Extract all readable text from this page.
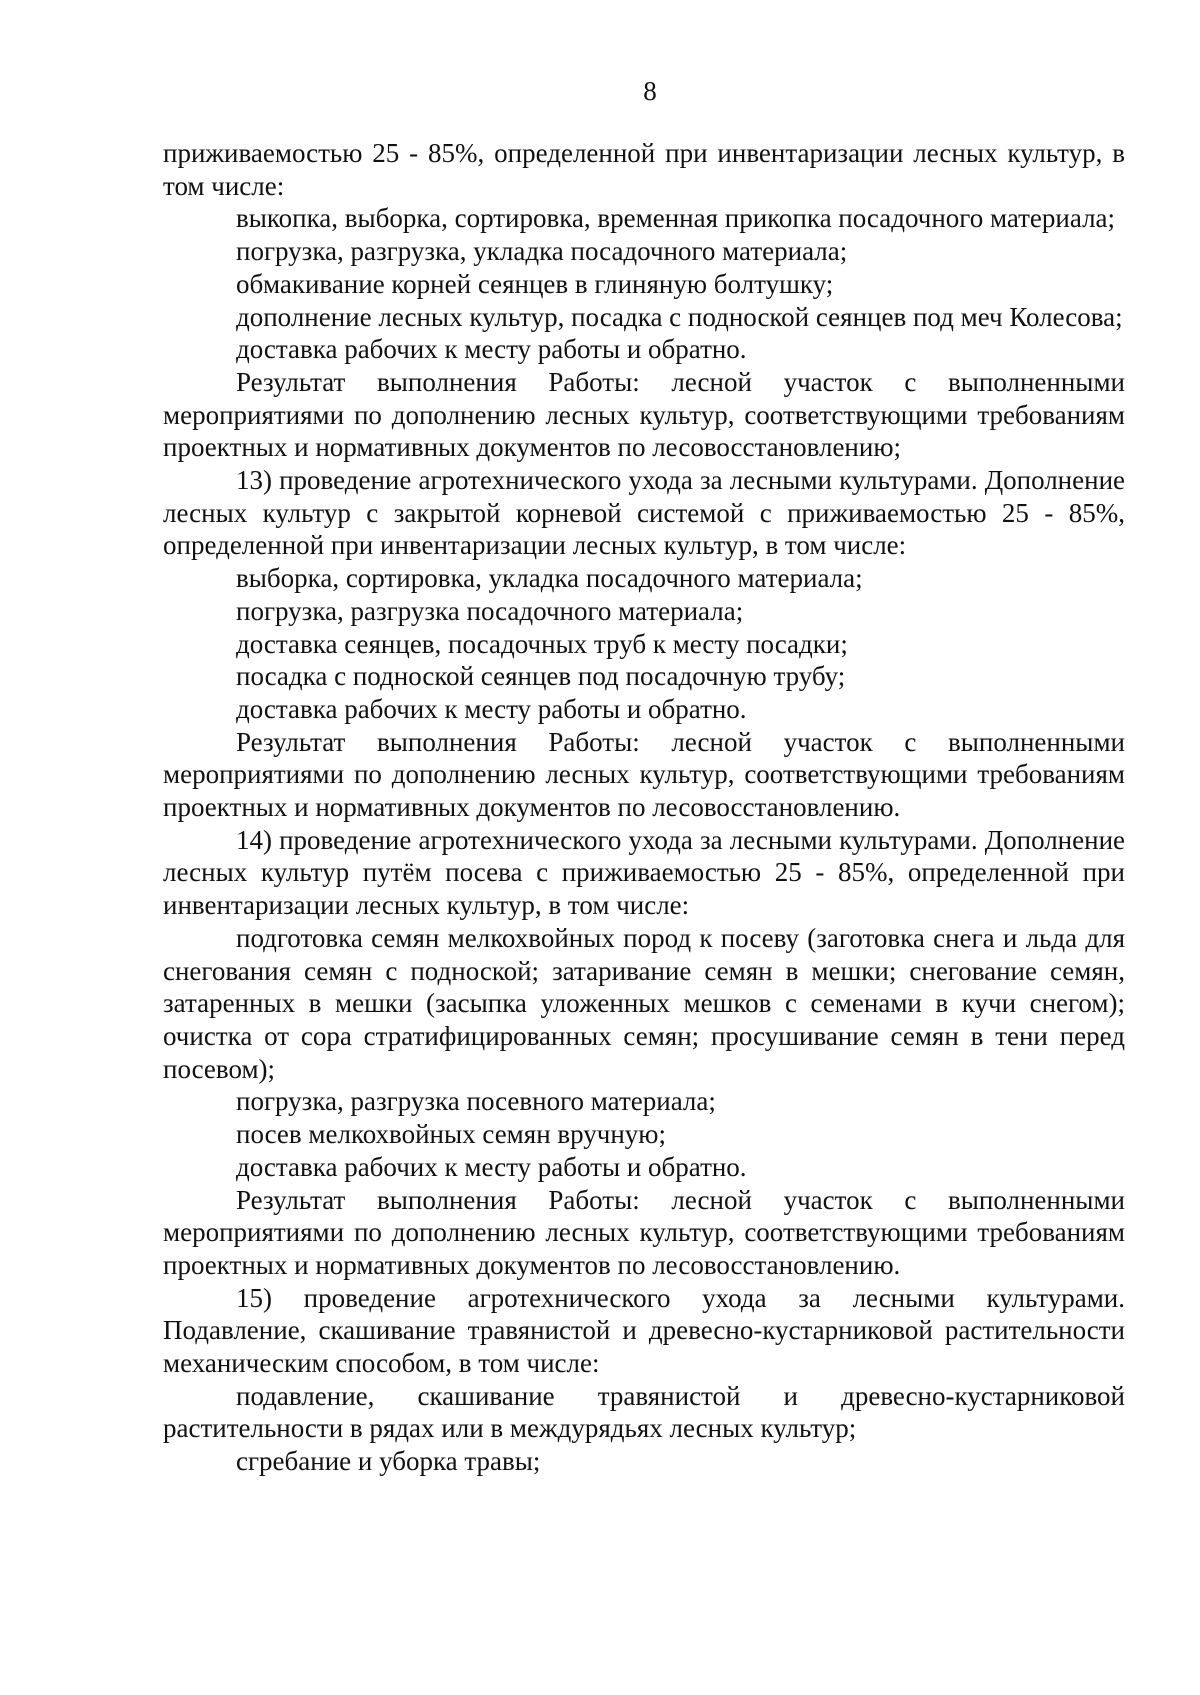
8

приживаемостью 25 - 85%, определенной при инвентаризации лесных культур, в том числе:

выкопка, выборка, сортировка, временная прикопка посадочного материала;

погрузка, разгрузка, укладка посадочного материала;

обмакивание корней сеянцев в глиняную болтушку;

дополнение лесных культур, посадка с подноской сеянцев под меч Колесова;

доставка рабочих к месту работы и обратно.

Результат выполнения Работы: лесной участок с выполненными мероприятиями по дополнению лесных культур, соответствующими требованиям проектных и нормативных документов по лесовосстановлению;

13) проведение агротехнического ухода за лесными культурами. Дополнение лесных культур с закрытой корневой системой с приживаемостью 25 - 85%, определенной при инвентаризации лесных культур, в том числе:

выборка, сортировка, укладка посадочного материала;

погрузка, разгрузка посадочного материала;

доставка сеянцев, посадочных труб к месту посадки;

посадка с подноской сеянцев под посадочную трубу;

доставка рабочих к месту работы и обратно.

Результат выполнения Работы: лесной участок с выполненными мероприятиями по дополнению лесных культур, соответствующими требованиям проектных и нормативных документов по лесовосстановлению.

14) проведение агротехнического ухода за лесными культурами. Дополнение лесных культур путём посева с приживаемостью 25 - 85%, определенной при инвентаризации лесных культур, в том числе:

подготовка семян мелкохвойных пород к посеву (заготовка снега и льда для снегования семян с подноской; затаривание семян в мешки; снегование семян, затаренных в мешки (засыпка уложенных мешков с семенами в кучи снегом); очистка от сора стратифицированных семян; просушивание семян в тени перед посевом);

погрузка, разгрузка посевного материала;

посев мелкохвойных семян вручную;

доставка рабочих к месту работы и обратно.

Результат выполнения Работы: лесной участок с выполненными мероприятиями по дополнению лесных культур, соответствующими требованиям проектных и нормативных документов по лесовосстановлению.

15) проведение агротехнического ухода за лесными культурами. Подавление, скашивание травянистой и древесно-кустарниковой растительности механическим способом, в том числе:

подавление, скашивание травянистой и древесно-кустарниковой растительности в рядах или в междурядьях лесных культур;

сгребание и уборка травы;
